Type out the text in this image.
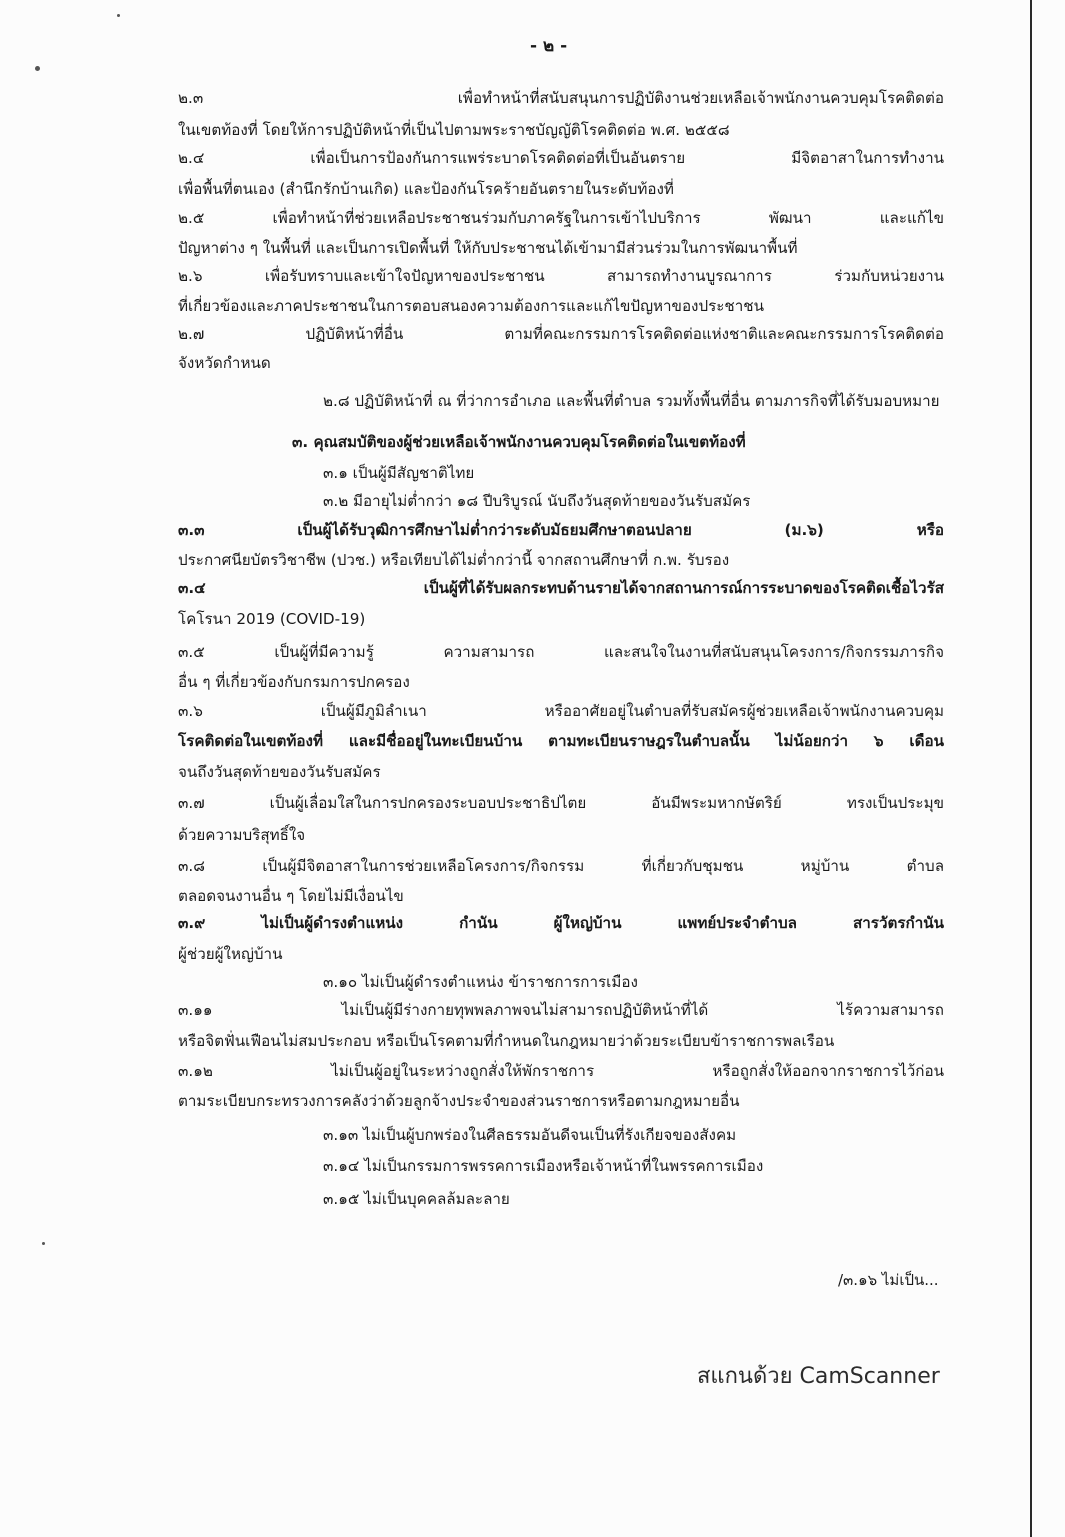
- ๒ -
๒.๓ เพื่อทำหน้าที่สนับสนุนการปฏิบัติงานช่วยเหลือเจ้าพนักงานควบคุมโรคติดต่อ
ในเขตท้องที่ โดยให้การปฏิบัติหน้าที่เป็นไปตามพระราชบัญญัติโรคติดต่อ พ.ศ. ๒๕๕๘
๒.๔ เพื่อเป็นการป้องกันการแพร่ระบาดโรคติดต่อที่เป็นอันตราย มีจิตอาสาในการทำงาน
เพื่อพื้นที่ตนเอง (สำนึกรักบ้านเกิด) และป้องกันโรคร้ายอันตรายในระดับท้องที่
๒.๕ เพื่อทำหน้าที่ช่วยเหลือประชาชนร่วมกับภาครัฐในการเข้าไปบริการ พัฒนา และแก้ไข
ปัญหาต่าง ๆ ในพื้นที่ และเป็นการเปิดพื้นที่ ให้กับประชาชนได้เข้ามามีส่วนร่วมในการพัฒนาพื้นที่
๒.๖ เพื่อรับทราบและเข้าใจปัญหาของประชาชน สามารถทำงานบูรณาการ ร่วมกับหน่วยงาน
ที่เกี่ยวข้องและภาคประชาชนในการตอบสนองความต้องการและแก้ไขปัญหาของประชาชน
๒.๗ ปฏิบัติหน้าที่อื่น ตามที่คณะกรรมการโรคติดต่อแห่งชาติและคณะกรรมการโรคติดต่อ
จังหวัดกำหนด
๒.๘ ปฏิบัติหน้าที่ ณ ที่ว่าการอำเภอ และพื้นที่ตำบล รวมทั้งพื้นที่อื่น ตามภารกิจที่ได้รับมอบหมาย
๓. คุณสมบัติของผู้ช่วยเหลือเจ้าพนักงานควบคุมโรคติดต่อในเขตท้องที่
๓.๑ เป็นผู้มีสัญชาติไทย
๓.๒ มีอายุไม่ต่ำกว่า ๑๘ ปีบริบูรณ์ นับถึงวันสุดท้ายของวันรับสมัคร
๓.๓ เป็นผู้ได้รับวุฒิการศึกษาไม่ต่ำกว่าระดับมัธยมศึกษาตอนปลาย (ม.๖) หรือ
ประกาศนียบัตรวิชาชีพ (ปวช.) หรือเทียบได้ไม่ต่ำกว่านี้ จากสถานศึกษาที่ ก.พ. รับรอง
๓.๔ เป็นผู้ที่ได้รับผลกระทบด้านรายได้จากสถานการณ์การระบาดของโรคติดเชื้อไวรัส
โคโรนา 2019 (COVID-19)
๓.๕ เป็นผู้ที่มีความรู้ ความสามารถ และสนใจในงานที่สนับสนุนโครงการ/กิจกรรมภารกิจ
อื่น ๆ ที่เกี่ยวข้องกับกรมการปกครอง
๓.๖ เป็นผู้มีภูมิลำเนา หรืออาศัยอยู่ในตำบลที่รับสมัครผู้ช่วยเหลือเจ้าพนักงานควบคุม
โรคติดต่อในเขตท้องที่ และมีชื่ออยู่ในทะเบียนบ้าน ตามทะเบียนราษฎรในตำบลนั้น ไม่น้อยกว่า ๖ เดือน
จนถึงวันสุดท้ายของวันรับสมัคร
๓.๗ เป็นผู้เลื่อมใสในการปกครองระบอบประชาธิปไตย อันมีพระมหากษัตริย์ ทรงเป็นประมุข
ด้วยความบริสุทธิ์ใจ
๓.๘ เป็นผู้มีจิตอาสาในการช่วยเหลือโครงการ/กิจกรรม ที่เกี่ยวกับชุมชน หมู่บ้าน ตำบล
ตลอดจนงานอื่น ๆ โดยไม่มีเงื่อนไข
๓.๙ ไม่เป็นผู้ดำรงตำแหน่ง กำนัน ผู้ใหญ่บ้าน แพทย์ประจำตำบล สารวัตรกำนัน
ผู้ช่วยผู้ใหญ่บ้าน
๓.๑๐ ไม่เป็นผู้ดำรงตำแหน่ง ข้าราชการการเมือง
๓.๑๑ ไม่เป็นผู้มีร่างกายทุพพลภาพจนไม่สามารถปฏิบัติหน้าที่ได้ ไร้ความสามารถ
หรือจิตฟั่นเฟือนไม่สมประกอบ หรือเป็นโรคตามที่กำหนดในกฎหมายว่าด้วยระเบียบข้าราชการพลเรือน
๓.๑๒ ไม่เป็นผู้อยู่ในระหว่างถูกสั่งให้พักราชการ หรือถูกสั่งให้ออกจากราชการไว้ก่อน
ตามระเบียบกระทรวงการคลังว่าด้วยลูกจ้างประจำของส่วนราชการหรือตามกฎหมายอื่น
๓.๑๓ ไม่เป็นผู้บกพร่องในศีลธรรมอันดีจนเป็นที่รังเกียจของสังคม
๓.๑๔ ไม่เป็นกรรมการพรรคการเมืองหรือเจ้าหน้าที่ในพรรคการเมือง
๓.๑๕ ไม่เป็นบุคคลล้มละลาย
/๓.๑๖ ไม่เป็น...
สแกนด้วย CamScanner
